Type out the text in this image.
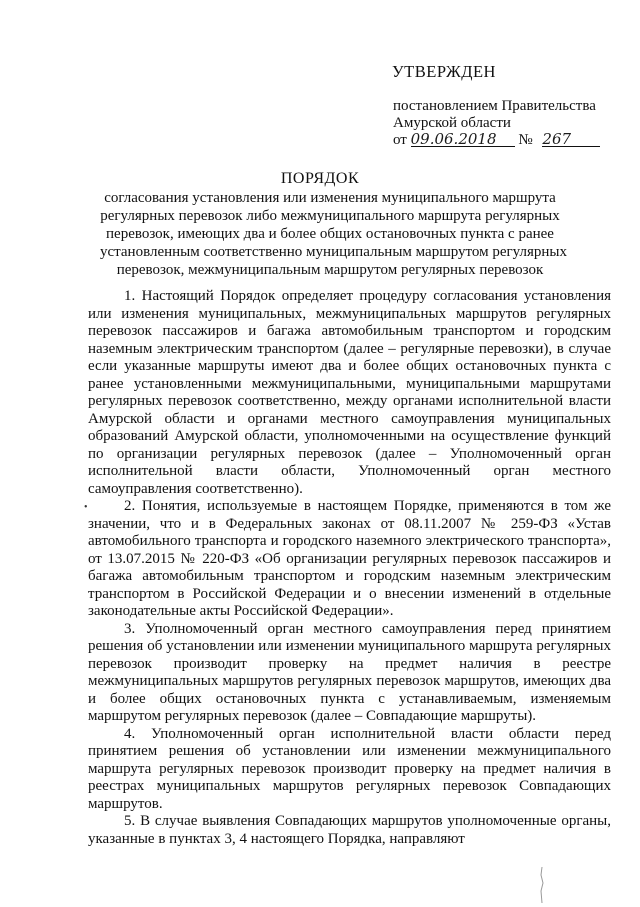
УТВЕРЖДЕН
постановлением Правительства
Амурской области
от 09.06.2018 № 267
ПОРЯДОК
согласования установления или изменения муниципального маршрута
регулярных перевозок либо межмуниципального маршрута регулярных
перевозок, имеющих два и более общих остановочных пункта с ранее
установленным соответственно муниципальным маршрутом регулярных
перевозок, межмуниципальным маршрутом регулярных перевозок

1. Настоящий Порядок определяет процедуру согласования установления или изменения муниципальных, межмуниципальных маршрутов регулярных перевозок пассажиров и багажа автомобильным транспортом и городским наземным электрическим транспортом (далее – регулярные перевозки), в случае если указанные маршруты имеют два и более общих остановочных пункта с ранее установленными межмуниципальными, муниципальными маршрутами регулярных перевозок соответственно, между органами исполнительной власти Амурской области и органами местного самоуправления муниципальных образований Амурской области, уполномоченными на осуществление функций по организации регулярных перевозок (далее – Уполномоченный орган исполнительной власти области, Уполномоченный орган местного самоуправления соответственно).

2. Понятия, используемые в настоящем Порядке, применяются в том же значении, что и в Федеральных законах от 08.11.2007 № 259-ФЗ «Устав автомобильного транспорта и городского наземного электрического транспорта», от 13.07.2015 № 220-ФЗ «Об организации регулярных перевозок пассажиров и багажа автомобильным транспортом и городским наземным электрическим транспортом в Российской Федерации и о внесении изменений в отдельные законодательные акты Российской Федерации».

3. Уполномоченный орган местного самоуправления перед принятием решения об установлении или изменении муниципального маршрута регулярных перевозок производит проверку на предмет наличия в реестре межмуниципальных маршрутов регулярных перевозок маршрутов, имеющих два и более общих остановочных пункта с устанавливаемым, изменяемым маршрутом регулярных перевозок (далее – Совпадающие маршруты).

4. Уполномоченный орган исполнительной власти области перед принятием решения об установлении или изменении межмуниципального маршрута регулярных перевозок производит проверку на предмет наличия в реестрах муниципальных маршрутов регулярных перевозок Совпадающих маршрутов.

5. В случае выявления Совпадающих маршрутов уполномоченные органы, указанные в пунктах 3, 4 настоящего Порядка, направляют

•
